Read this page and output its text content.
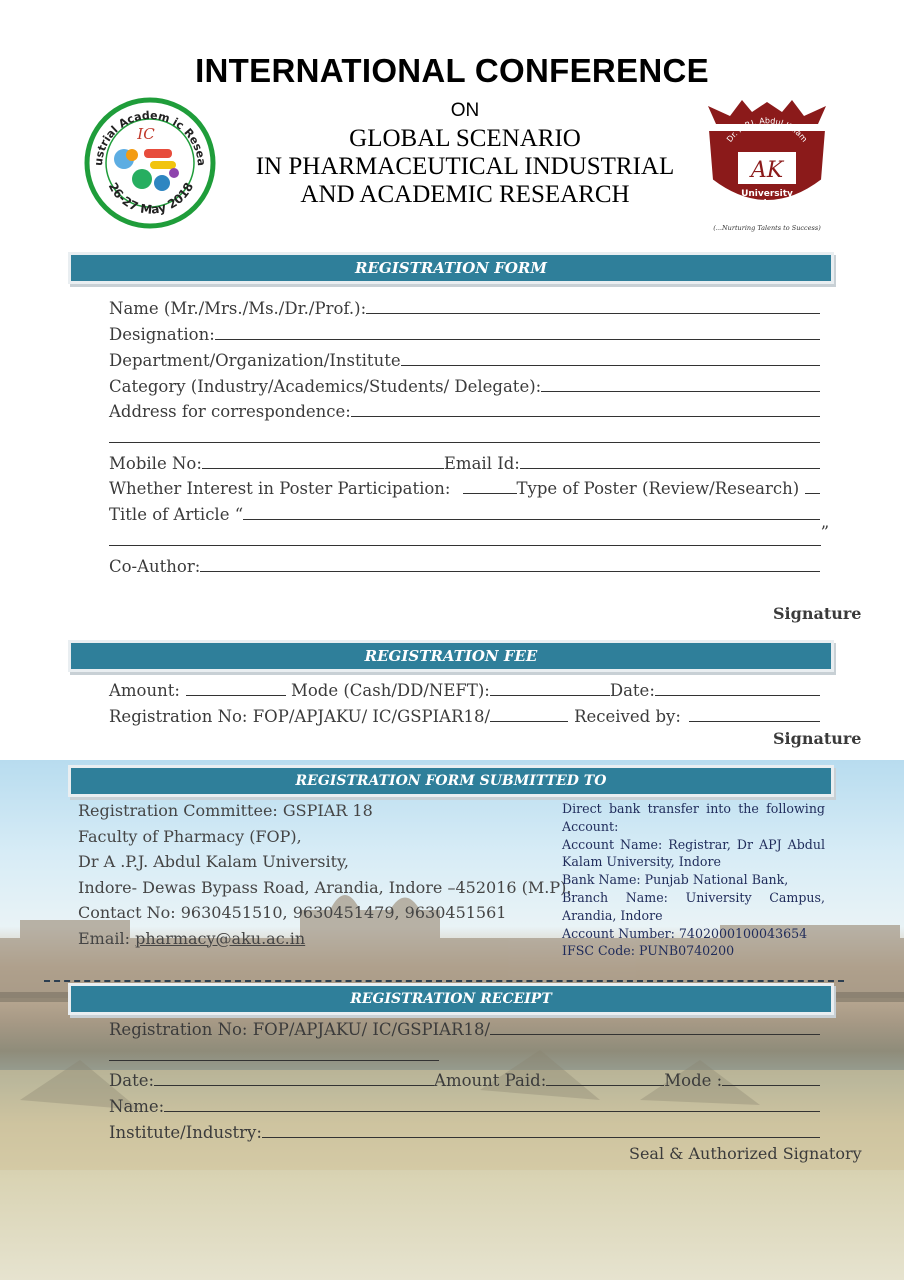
INTERNATIONAL CONFERENCE
ON
GLOBAL SCENARIO
IN PHARMACEUTICAL INDUSTRIAL
AND ACADEMIC RESEARCH
ustrial Academ ic Resea
26-27 May 2018
IC	Dr. A.P.J. Abdul Kalam
AK
University
Indore
(...Nurturing Talents to Success)
REGISTRATION FORM
Name (Mr./Mrs./Ms./Dr./Prof.):
Designation:
Department/Organization/Institute
Category (Industry/Academics/Students/ Delegate):
Address for correspondence:
Mobile No:	Email Id:
Whether Interest in Poster Participation:	Type of Poster (Review/Research)
Title of Article “
”
Co-Author:
Signature
REGISTRATION FEE
Amount:	Mode (Cash/DD/NEFT):	Date:
Registration No: FOP/APJAKU/ IC/GSPIAR18/	Received by:
Signature
REGISTRATION FORM SUBMITTED TO
Registration Committee: GSPIAR 18
Faculty of Pharmacy (FOP),
Dr A .P.J. Abdul Kalam University,
Indore- Dewas Bypass Road, Arandia, Indore –452016 (M.P).
Contact No: 9630451510, 9630451479, 9630451561
Email: pharmacy@aku.ac.in
Direct bank transfer into the following Account:
Account Name: Registrar, Dr APJ Abdul Kalam University, Indore
Bank Name: Punjab National Bank,
Branch Name: University Campus, Arandia, Indore
Account Number: 7402000100043654
IFSC Code: PUNB0740200
REGISTRATION RECEIPT
Registration No: FOP/APJAKU/ IC/GSPIAR18/
Date:	Amount Paid:	Mode :
Name:
Institute/Industry:
Seal & Authorized Signatory
